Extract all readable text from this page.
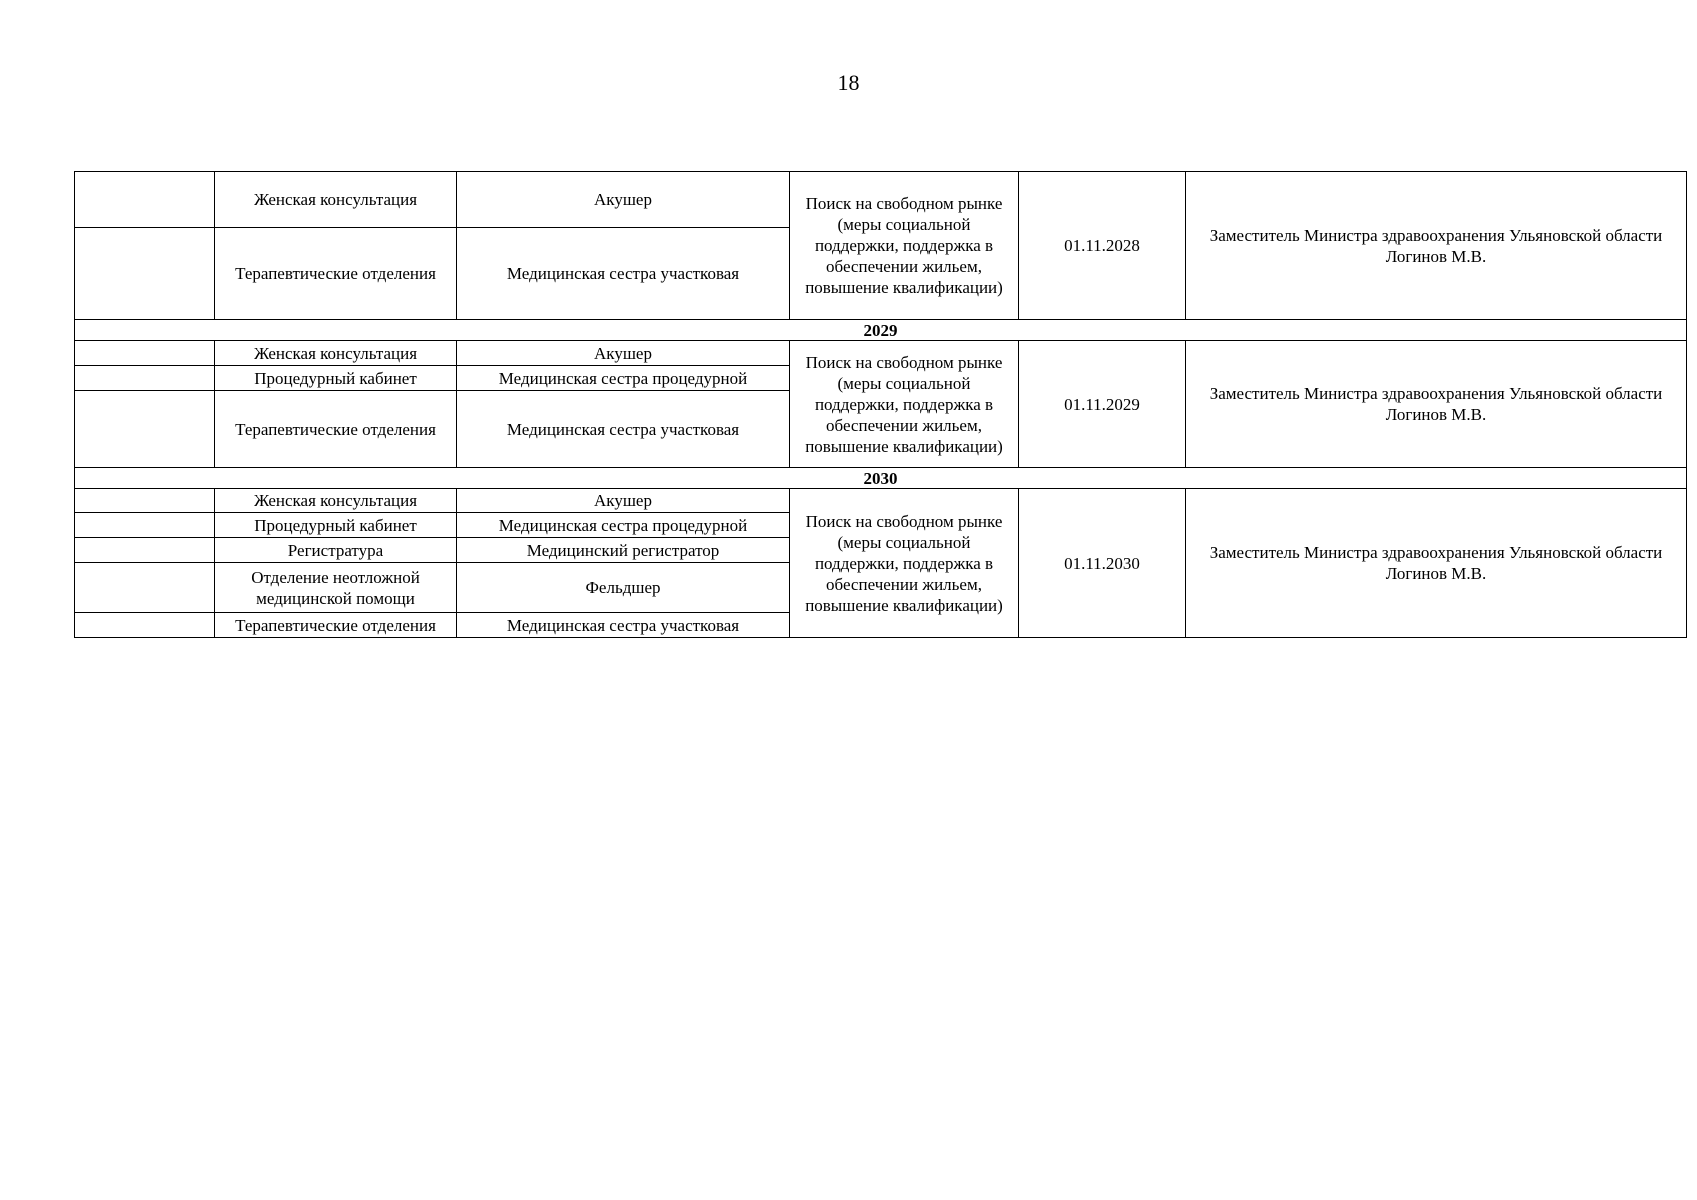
18
	Женская консультация	Акушер	Поиск на свободном рынке (меры социальной поддержки, поддержка в обеспечении жильем, повышение квалификации)	01.11.2028	Заместитель Министра здравоохранения Ульяновской области Логинов М.В.
	Терапевтические отделения	Медицинская сестра участковая			
2029					
	Женская консультация	Акушер	Поиск на свободном рынке (меры социальной поддержки, поддержка в обеспечении жильем, повышение квалификации)	01.11.2029	Заместитель Министра здравоохранения Ульяновской области Логинов М.В.
	Процедурный кабинет	Медицинская сестра процедурной			
	Терапевтические отделения	Медицинская сестра участковая			
2030					
	Женская консультация	Акушер	Поиск на свободном рынке (меры социальной поддержки, поддержка в обеспечении жильем, повышение квалификации)	01.11.2030	Заместитель Министра здравоохранения Ульяновской области Логинов М.В.
	Процедурный кабинет	Медицинская сестра процедурной			
	Регистратура	Медицинский регистратор			
	Отделение неотложной медицинской помощи	Фельдшер			
	Терапевтические отделения	Медицинская сестра участковая			
